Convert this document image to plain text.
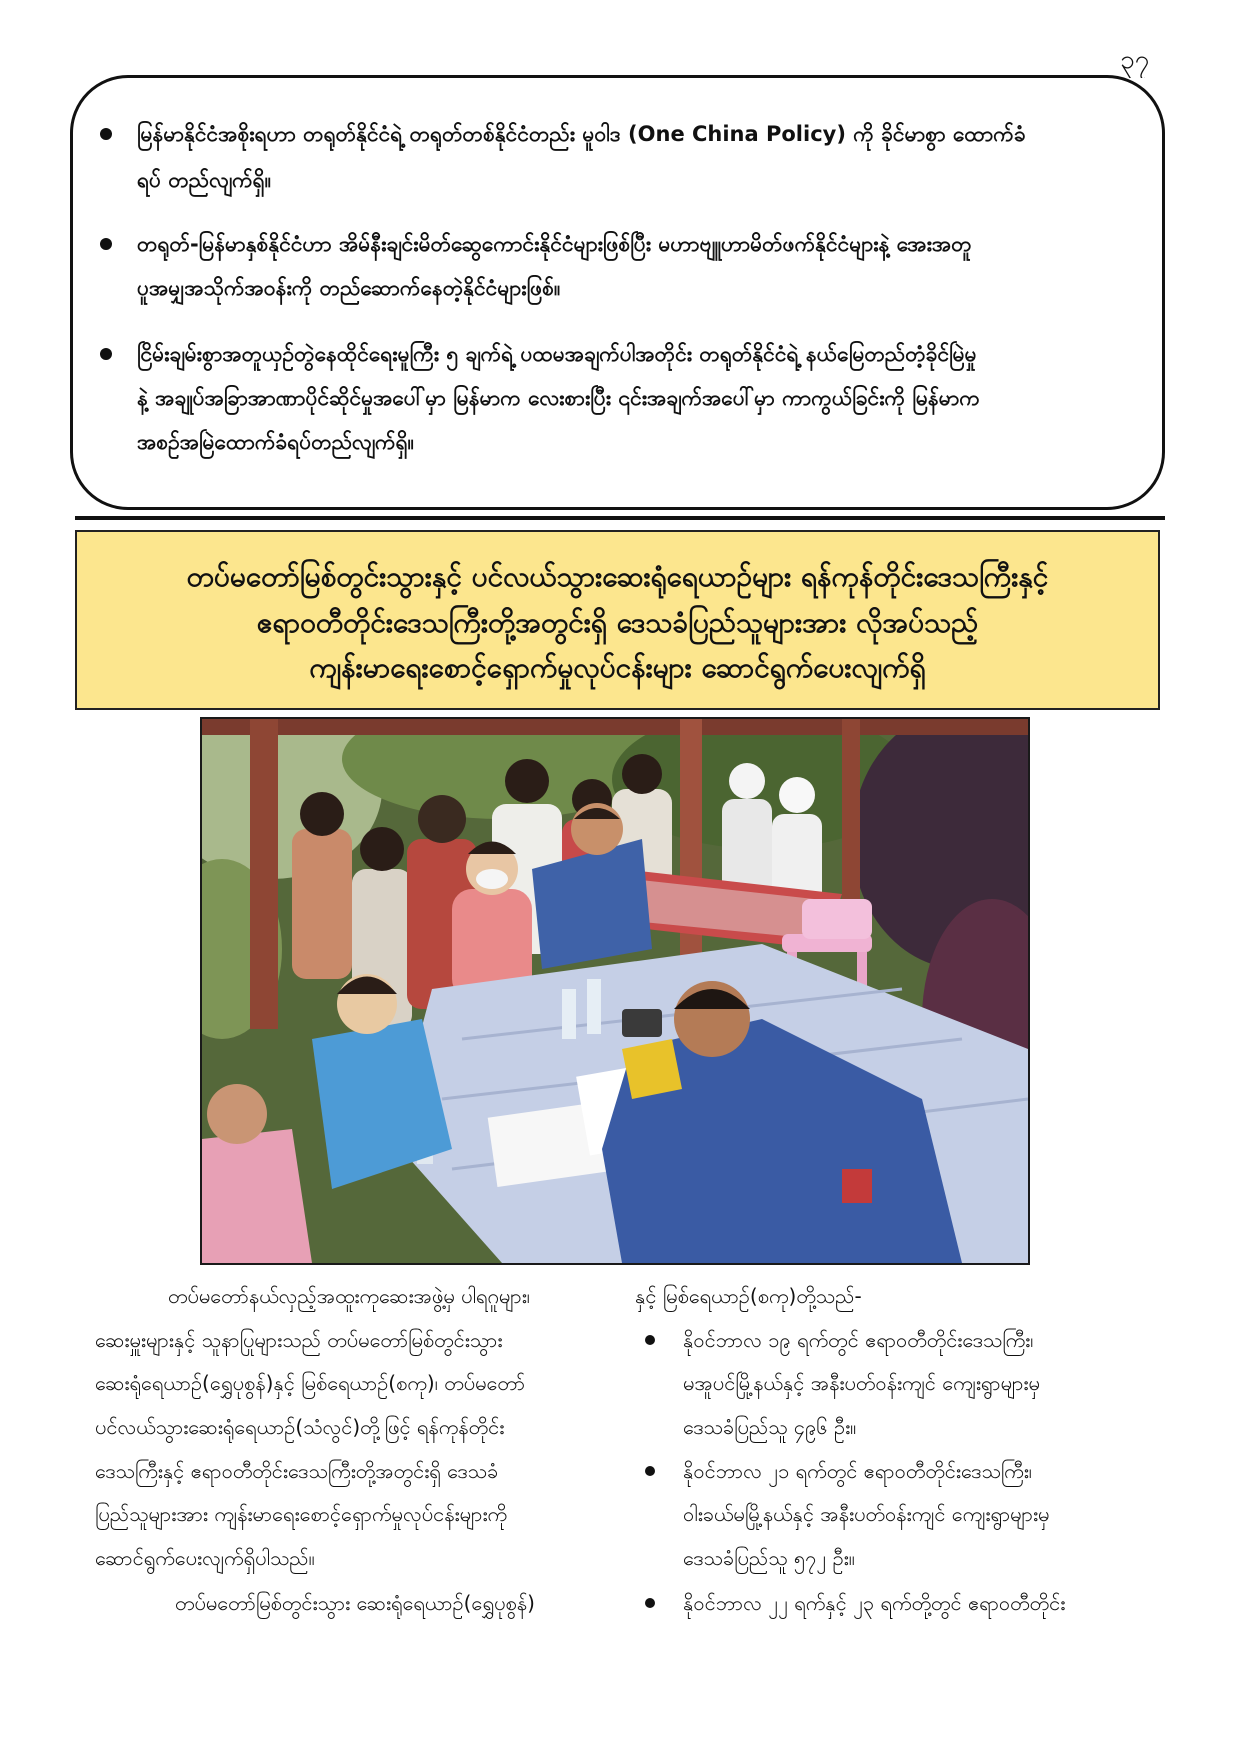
၃၇
မြန်မာနိုင်ငံအစိုးရဟာ တရုတ်နိုင်ငံရဲ့ တရုတ်တစ်နိုင်ငံတည်း မူဝါဒ (One China Policy) ကို ခိုင်မာစွာ ထောက်ခံ
ရပ် တည်လျက်ရှိ။
တရုတ်-မြန်မာနှစ်နိုင်ငံဟာ အိမ်နီးချင်းမိတ်ဆွေကောင်းနိုင်ငံများဖြစ်ပြီး မဟာဗျူဟာမိတ်ဖက်နိုင်ငံများနဲ့ အေးအတူ
ပူအမျှအသိုက်အဝန်းကို တည်ဆောက်နေတဲ့နိုင်ငံများဖြစ်။
ငြိမ်းချမ်းစွာအတူယှဉ်တွဲနေထိုင်ရေးမူကြီး ၅ ချက်ရဲ့ ပထမအချက်ပါအတိုင်း တရုတ်နိုင်ငံရဲ့ နယ်မြေတည်တံ့ခိုင်မြဲမှု
နဲ့ အချုပ်အခြာအာဏာပိုင်ဆိုင်မှုအပေါ်မှာ မြန်မာက လေးစားပြီး ၎င်းအချက်အပေါ်မှာ ကာကွယ်ခြင်းကို မြန်မာက
အစဉ်အမြဲထောက်ခံရပ်တည်လျက်ရှိ။
တပ်မတော်မြစ်တွင်းသွားနှင့် ပင်လယ်သွားဆေးရုံရေယာဉ်များ ရန်ကုန်တိုင်းဒေသကြီးနှင့်
ဧရာဝတီတိုင်းဒေသကြီးတို့အတွင်းရှိ ဒေသခံပြည်သူများအား လိုအပ်သည့်
ကျန်းမာရေးစောင့်ရှောက်မှုလုပ်ငန်းများ ဆောင်ရွက်ပေးလျက်ရှိ
တပ်မတော်နယ်လှည့်အထူးကုဆေးအဖွဲ့မှ ပါရဂူများ၊
ဆေးမှူးများနှင့် သူနာပြုများသည် တပ်မတော်မြစ်တွင်းသွား
ဆေးရုံရေယာဉ်(ရွှေပုစွန်)နှင့် မြစ်ရေယာဉ်(စကု)၊ တပ်မတော်
ပင်လယ်သွားဆေးရုံရေယာဉ်(သံလွင်)တို့ဖြင့် ရန်ကုန်တိုင်း
ဒေသကြီးနှင့် ဧရာဝတီတိုင်းဒေသကြီးတို့အတွင်းရှိ ဒေသခံ
ပြည်သူများအား ကျန်းမာရေးစောင့်ရှောက်မှုလုပ်ငန်းများကို
ဆောင်ရွက်ပေးလျက်ရှိပါသည်။
တပ်မတော်မြစ်တွင်းသွား ဆေးရုံရေယာဉ်(ရွှေပုစွန်)
နှင့် မြစ်ရေယာဉ်(စကု)တို့သည်-
နိုဝင်ဘာလ ၁၉ ရက်တွင် ဧရာဝတီတိုင်းဒေသကြီး၊
မအူပင်မြို့နယ်နှင့် အနီးပတ်ဝန်းကျင် ကျေးရွာများမှ
ဒေသခံပြည်သူ ၄၉၆ ဦး။
နိုဝင်ဘာလ ၂၁ ရက်တွင် ဧရာဝတီတိုင်းဒေသကြီး၊
ဝါးခယ်မမြို့နယ်နှင့် အနီးပတ်ဝန်းကျင် ကျေးရွာများမှ
ဒေသခံပြည်သူ ၅၇၂ ဦး။
နိုဝင်ဘာလ ၂၂ ရက်နှင့် ၂၃ ရက်တို့တွင် ဧရာဝတီတိုင်း
